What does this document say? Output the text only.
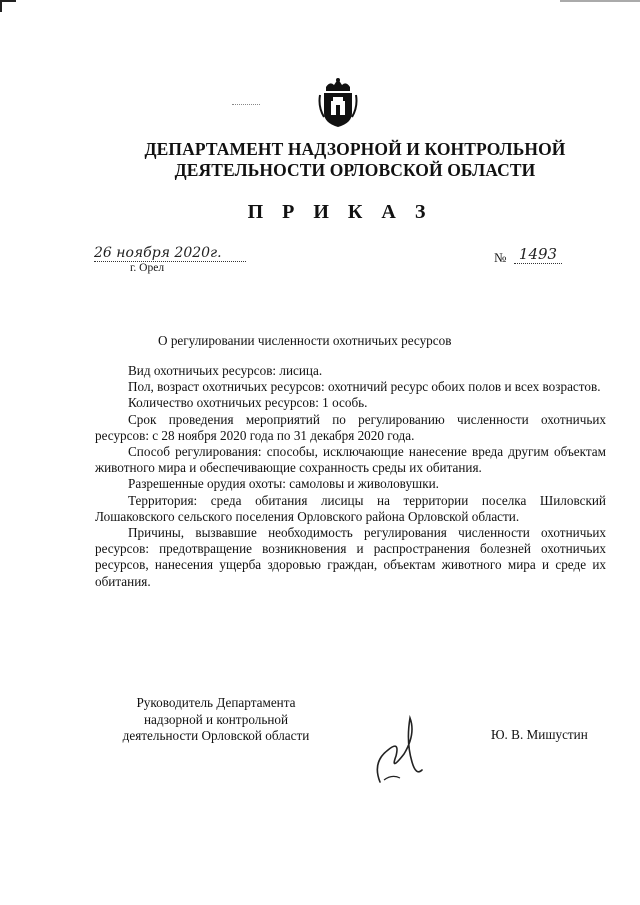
ДЕПАРТАМЕНТ НАДЗОРНОЙ И КОНТРОЛЬНОЙ
ДЕЯТЕЛЬНОСТИ ОРЛОВСКОЙ ОБЛАСТИ
П Р И К А З
26 ноября 2020г.
г. Орел
№ 1493
О регулировании численности охотничьих ресурсов

Вид охотничьих ресурсов: лисица.

Пол, возраст охотничьих ресурсов: охотничий ресурс обоих полов и всех возрастов.

Количество охотничьих ресурсов: 1 особь.

Срок проведения мероприятий по регулированию численности охотничьих ресурсов: с 28 ноября 2020 года по 31 декабря 2020 года.

Способ регулирования: способы, исключающие нанесение вреда другим объектам животного мира и обеспечивающие сохранность среды их обитания.

Разрешенные орудия охоты: самоловы и живоловушки.

Территория: среда обитания лисицы на территории поселка Шиловский Лошаковского сельского поселения Орловского района Орловской области.

Причины, вызвавшие необходимость регулирования численности охотничьих ресурсов: предотвращение возникновения и распространения болезней охотничьих ресурсов, нанесения ущерба здоровью граждан, объектам животного мира и среде их обитания.

Руководитель Департамента
надзорной и контрольной
деятельности Орловской области	Ю. В. Мишустин
